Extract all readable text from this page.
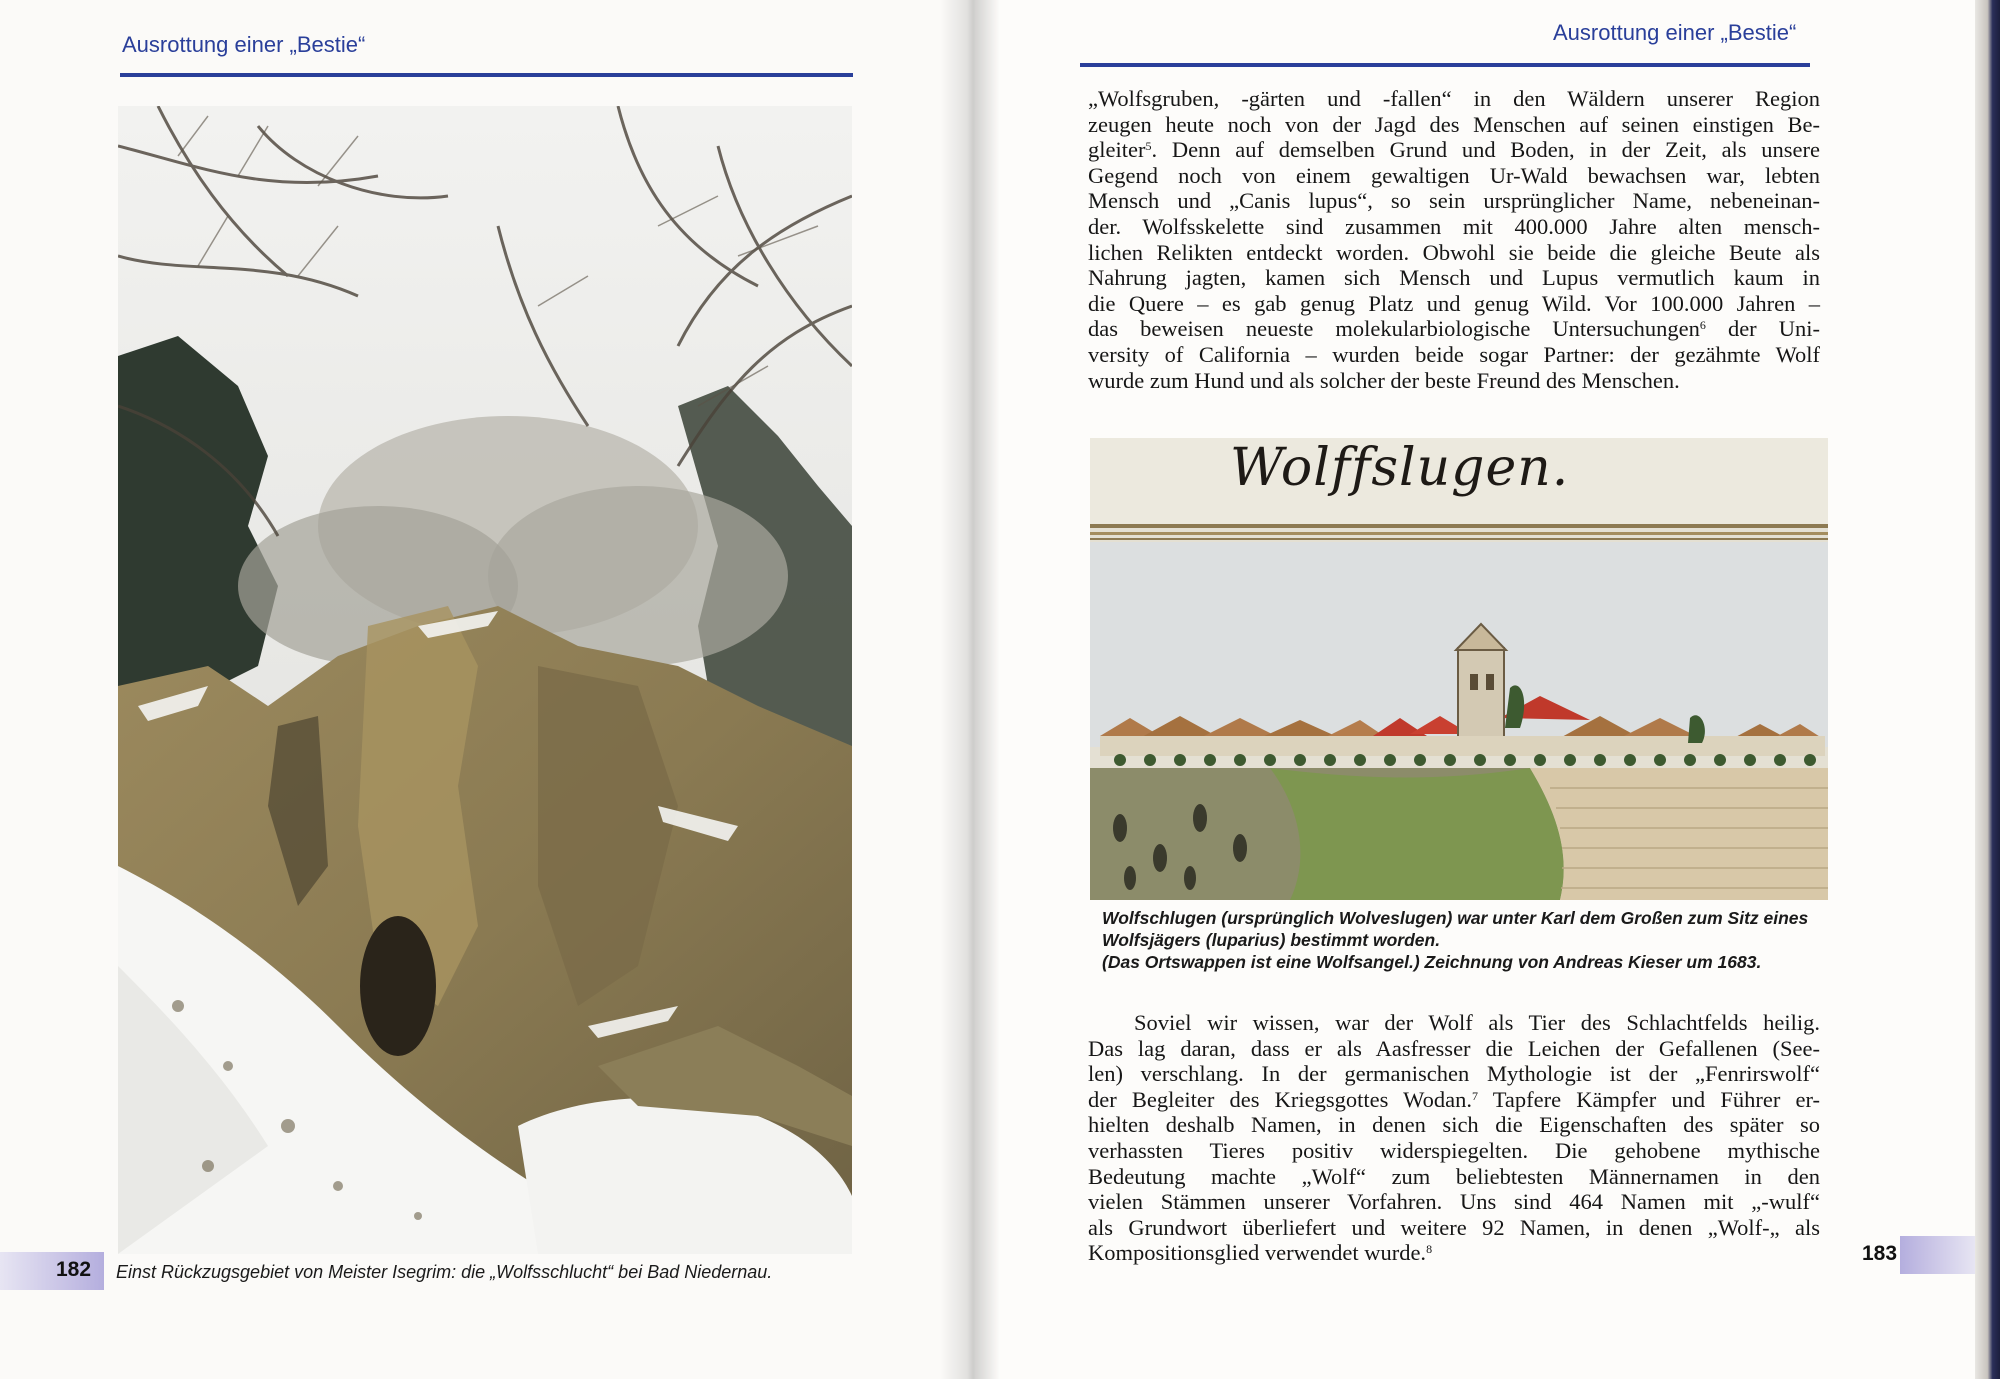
Ausrottung einer „Bestie“
182 Einst Rückzugsgebiet von Meister Isegrim: die „Wolfsschlucht“ bei Bad Niedernau.
Ausrottung einer „Bestie“
„Wolfsgruben, -gärten und -fallen“ in den Wäldern unserer Region
zeugen heute noch von der Jagd des Menschen auf seinen einstigen Be-
gleiter$^5$. Denn auf demselben Grund und Boden, in der Zeit, als unsere
Gegend noch von einem gewaltigen Ur-Wald bewachsen war, lebten
Mensch und „Canis lupus“, so sein ursprünglicher Name, nebeneinan-
der. Wolfsskelette sind zusammen mit 400.000 Jahre alten mensch-
lichen Relikten entdeckt worden. Obwohl sie beide die gleiche Beute als
Nahrung jagten, kamen sich Mensch und Lupus vermutlich kaum in
die Quere – es gab genug Platz und genug Wild. Vor 100.000 Jahren –
das beweisen neueste molekularbiologische Untersuchungen$^6$ der Uni-
versity of California – wurden beide sogar Partner: der gezähmte Wolf
wurde zum Hund und als solcher der beste Freund des Menschen.
Wolffslugen.
Wolfschlugen (ursprünglich Wolveslugen) war unter Karl dem Großen zum Sitz eines
Wolfsjägers (luparius) bestimmt worden.
(Das Ortswappen ist eine Wolfsangel.) Zeichnung von Andreas Kieser um 1683.
Soviel wir wissen, war der Wolf als Tier des Schlachtfelds heilig.
Das lag daran, dass er als Aasfresser die Leichen der Gefallenen (See-
len) verschlang. In der germanischen Mythologie ist der „Fenrirswolf“
der Begleiter des Kriegsgottes Wodan.$^7$ Tapfere Kämpfer und Führer er-
hielten deshalb Namen, in denen sich die Eigenschaften des später so
verhassten Tieres positiv widerspiegelten. Die gehobene mythische
Bedeutung machte „Wolf“ zum beliebtesten Männernamen in den
vielen Stämmen unserer Vorfahren. Uns sind 464 Namen mit „-wulf“
als Grundwort überliefert und weitere 92 Namen, in denen „Wolf-„ als
Kompositionsglied verwendet wurde.$^8$	183
